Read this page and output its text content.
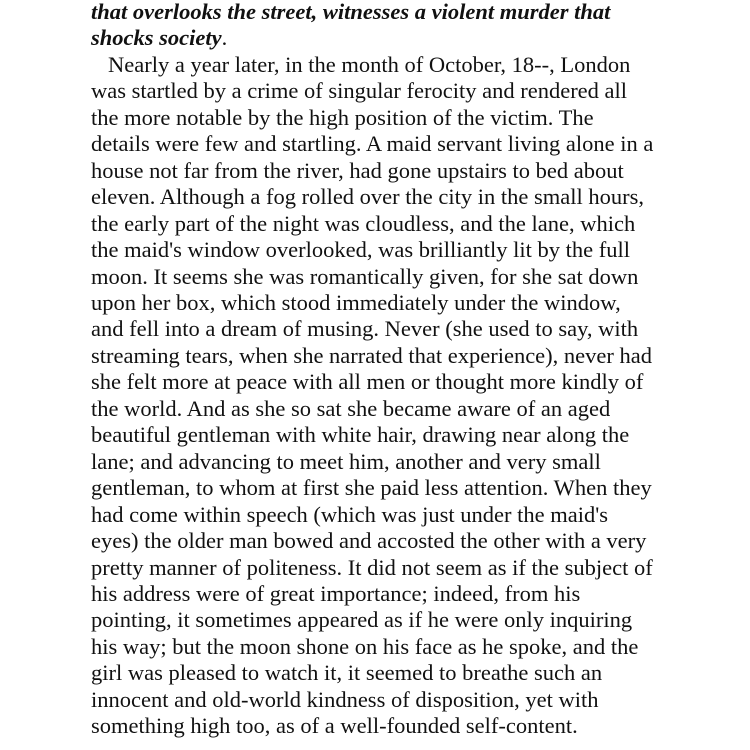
that overlooks the street, witnesses a violent murder that
shocks society.
Nearly a year later, in the month of October, 18--, London
was startled by a crime of singular ferocity and rendered all
the more notable by the high position of the victim. The
details were few and startling. A maid servant living alone in a
house not far from the river, had gone upstairs to bed about
eleven. Although a fog rolled over the city in the small hours,
the early part of the night was cloudless, and the lane, which
the maid's window overlooked, was brilliantly lit by the full
moon. It seems she was romantically given, for she sat down
upon her box, which stood immediately under the window,
and fell into a dream of musing. Never (she used to say, with
streaming tears, when she narrated that experience), never had
she felt more at peace with all men or thought more kindly of
the world. And as she so sat she became aware of an aged
beautiful gentleman with white hair, drawing near along the
lane; and advancing to meet him, another and very small
gentleman, to whom at first she paid less attention. When they
had come within speech (which was just under the maid's
eyes) the older man bowed and accosted the other with a very
pretty manner of politeness. It did not seem as if the subject of
his address were of great importance; indeed, from his
pointing, it sometimes appeared as if he were only inquiring
his way; but the moon shone on his face as he spoke, and the
girl was pleased to watch it, it seemed to breathe such an
innocent and old-world kindness of disposition, yet with
something high too, as of a well-founded self-content.
